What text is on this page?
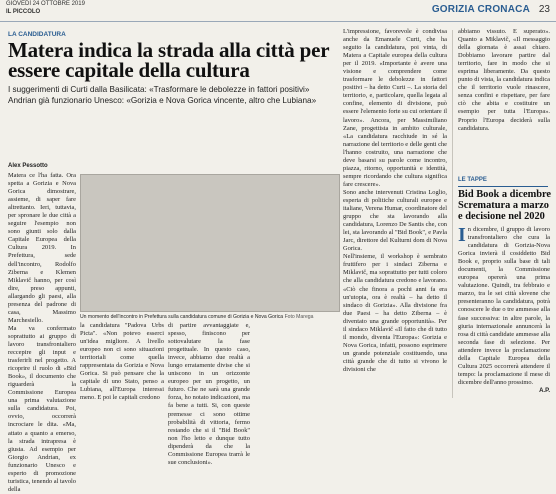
GIOVEDÌ 24 OTTOBRE 2019
IL PICCOLO	GORIZIA CRONACA 23
LA CANDIDATURA
Matera indica la strada alla città per essere capitale della cultura
I suggerimenti di Curti dalla Basilicata: «Trasformare le debolezze in fattori positivi»
Andrian già funzionario Unesco: «Gorizia e Nova Gorica vincente, altro che Lubiana»
Alex Pessotto

Matera ce l'ha fatta. Ora spetta a Gorizia e Nova Gorica dimostrare, assieme, di saper fare altrettanto. Ieri, tuttavia, per spronare le due città a seguire l'esempio non sono giunti solo dalla Capitale Europea della Cultura 2019. In Prefettura, sede dell'incontro, Rodolfo Ziberna e Klemen Miklavič hanno, per così dire, preso appunti, allargando gli paesi, alla presenza del padrone di casa, Massimo Marchesiello.

Ma va confermato soprattutto ai gruppo di lavoro transfrontaliero reccepire gli input e trasferirli nel progetto. A ricoprire il ruolo di «Bid Book», il documento che riguarderà la Commissione Europea una prima valutazione sulla candidatura. Poi, ovvio, occorrerà incrociare le dita. «Ma, attato a quanto a emerso, la strada intrapresa è giusta. Ad esempio per Giorgio Andrian, ex funzionario Unesco e esperto di promozione turistica, tenendo al tavolo della

Un momento dell'incontro in Prefettura sulla candidatura comune di Gorizia e Nova Gorica Foto Marega

la candidatura "Padova Urbs Picta". «Non potevo esserci un'idea migliore. A livello europeo non ci sono situazioni territoriali come quella rappresentata da Gorizia e Nova Gorica. Si può pensare che la capitale di uno Stato, penso a Lubiana, all'Europa interessi meno. E poi le capitali credono

di partire avvantaggiate e, spesso, finiscono per sottovalutare la fase progettuale. In questo caso, invece, abbiamo due realtà a lungo erratamente divise che si uniscono in un orizzonte europeo per un progetto, un futuro. Che ne sarà una grande forza, ho notato indicazioni, ma fa bene a tutti. Si, con queste premesse ci sono ottime probabilità di vittoria, fermo restando che si il "Bid Book" non l'ho letto e dunque tutto dipenderà da che la Commissione Europea trarrà le sue conclusioni».

L'impressione, favorevole è condivisa anche da Emanuele Curti, che ha seguito la candidatura, poi vinta, di Matera a Capitale europea della cultura per il 2019. «Importante è avere una visione e comprendere come trasformare le debolezze in fattori positivi – ha detto Curti –. La storia del territorio, e, particolare, quella legata al confine, elemento di divisione, può essere l'elemento forte su cui orientare il lavoro». Ancora, per Massimiliano Zane, progettista in ambito culturale, «La candidatura racchiude in sé la narrazione del territorio e delle genti che l'hanno costruito, una narrazione che deve basarsi su parole come incontro, piazza, ritorno, opportunità e identità, sempre ricordando che cultura significa fare crescere».

Sono anche intervenuti Cristina Loglio, esperta di politiche culturali europee e italiane, Verena Humar, coordinatore del gruppo che sta lavorando alla candidatura, Lorenzo De Santis che, con lei, sta lavorando al "Bid Book", e Pavla Jarc, direttore del Kulturni dom di Nova Gorica.

Nell'insieme, il workshop è sembrato fruttifero per i sindaci Ziberna e Miklavič, ma soprattutto per tutti coloro che alla candidatura credono e lavorano. «Ciò che finora a pochi anni fa era un'utopia, ora è realtà – ha detto il sindaco di Gorizia». Alla divisione fra due Paesi – ha detto Ziberna – è diventato una grande opportunità». Per il sindaco Miklavič «Il fatto che di tutto il mondo, diventa l'Europa»: Gorizia e Nova Gorica, infatti, possono esprimere un grande potenziale costituendo, una città grande che di tutto si vivono le divisioni che

abbiamo vissuto. E superato». Quanto a Miklavič, «Il messaggio della giornata è assai chiaro. Dobbiamo lavorare partire dal territorio, fare in modo che si esprima liberamente. Da questo punto di vista, la candidatura indica che il territorio vuole rinascere, senza confini e rispettare, per fare ciò che abita e costituire un esempio per tutta l'Europa». Proprio l'Europa deciderà sulla candidatura.

LE TAPPE
Bid Book a dicembre Scrematura a marzo e decisione nel 2020
In dicembre, il gruppo di lavoro transfrontaliero che cura la candidatura di Gorizia-Nova Gorica invierà il cosiddetto Bid Book e, proprio sulla base di tali documenti, la Commissione europea opererà una prima valutazione. Quindi, tra febbraio e marzo, tra le sei città slovene che presenteranno la candidatura, potrà conoscere le due o tre ammesse alla fase successiva: in altre parole, la giuria internazionale annuncerà la rosa di città candidate ammesse alla seconda fase di selezione. Per attendere invece la proclamazione della Capitale Europea della Cultura 2025 occorrerà attendere il tempo: la proclamazione il mese di dicembre dell'anno prossimo.
A.P.
